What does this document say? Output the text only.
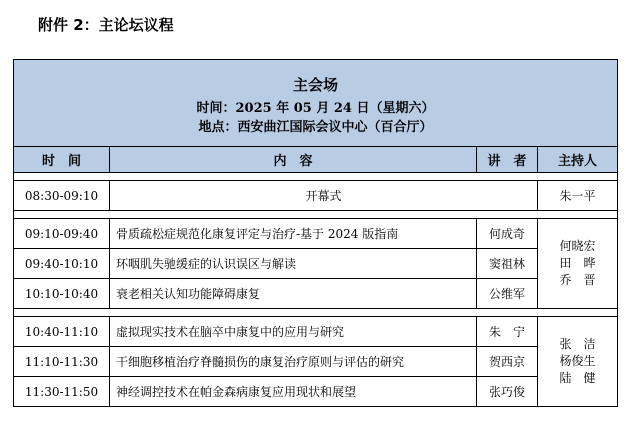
附件 2：主论坛议程
主会场
时间：2025 年 05 月 24 日（星期六）
地点：西安曲江国际会议中心（百合厅）			

时　间	内　容	讲　者	主持人

08:30-09:10	开幕式		朱一平

09:10-09:40	骨质疏松症规范化康复评定与治疗-基于 2024 版指南	何成奇	何晓宏
田　晔
乔　晋

09:40-10:10	环咽肌失驰缓症的认识误区与解读	窦祖林	
10:10-10:40	衰老相关认知功能障碍康复	公维军	

10:40-11:10	虚拟现实技术在脑卒中康复中的应用与研究	朱　宁	张　洁
杨俊生
陆　健

11:10-11:30	干细胞移植治疗脊髓损伤的康复治疗原则与评估的研究	贺西京	
11:30-11:50	神经调控技术在帕金森病康复应用现状和展望	张巧俊	
